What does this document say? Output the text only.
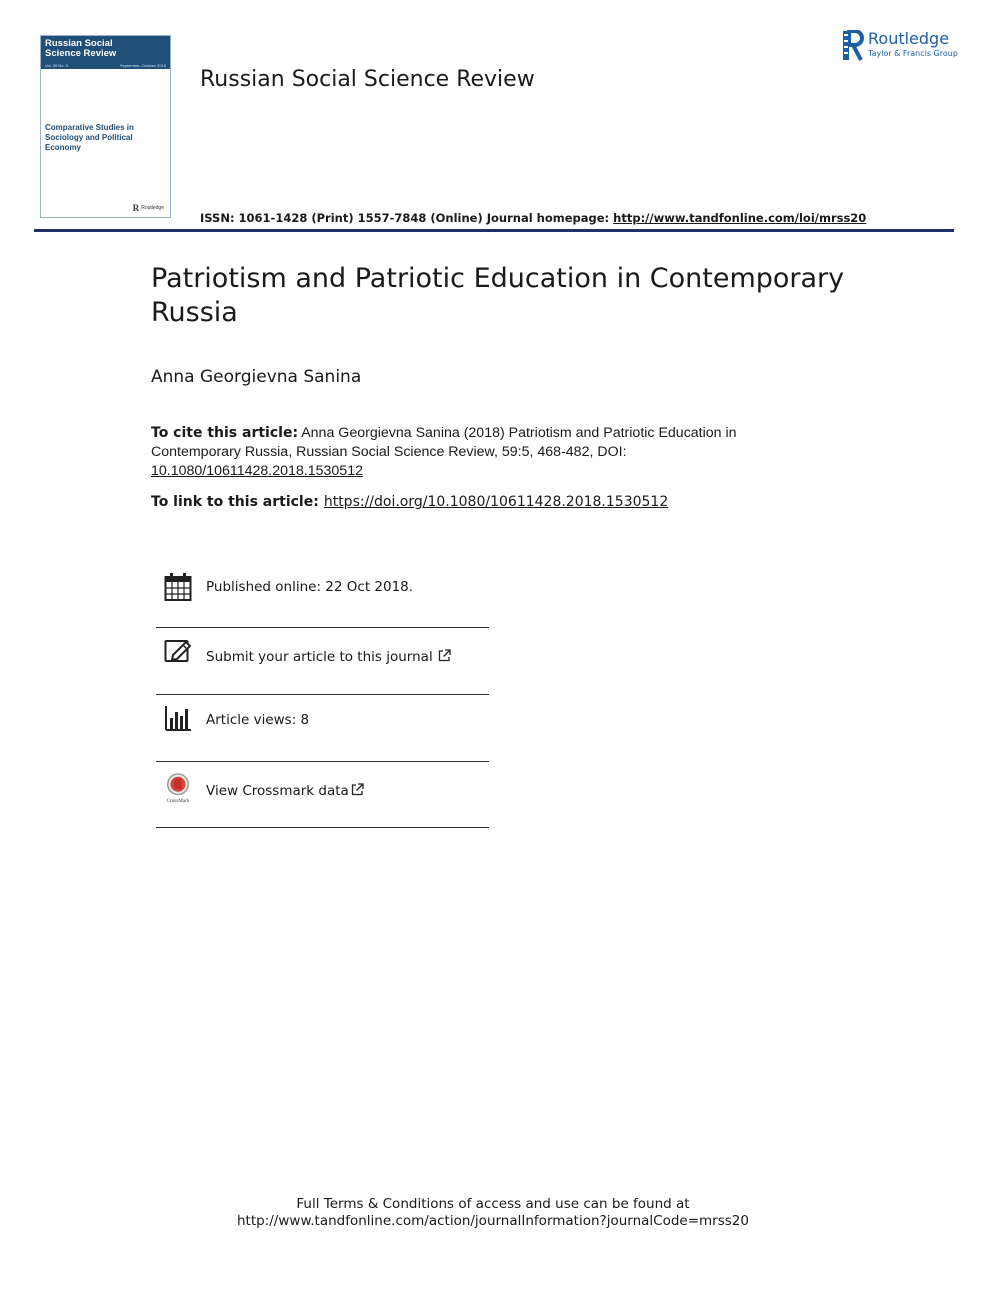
Russian Social
Science Review
Vol. 59 No. 5	September–October 2018
Comparative Studies in Sociology and Political Economy
R Routledge
Russian Social Science Review
Routledge
Taylor & Francis Group
ISSN: 1061-1428 (Print) 1557-7848 (Online) Journal homepage: http://www.tandfonline.com/loi/mrss20
Patriotism and Patriotic Education in Contemporary Russia
Anna Georgievna Sanina
To cite this article: Anna Georgievna Sanina (2018) Patriotism and Patriotic Education in Contemporary Russia, Russian Social Science Review, 59:5, 468-482, DOI: 10.1080/10611428.2018.1530512
To link to this article: https://doi.org/10.1080/10611428.2018.1530512
Published online: 22 Oct 2018.
Submit your article to this journal
Article views: 8
CrossMark
View Crossmark data
Full Terms & Conditions of access and use can be found at
http://www.tandfonline.com/action/journalInformation?journalCode=mrss20
